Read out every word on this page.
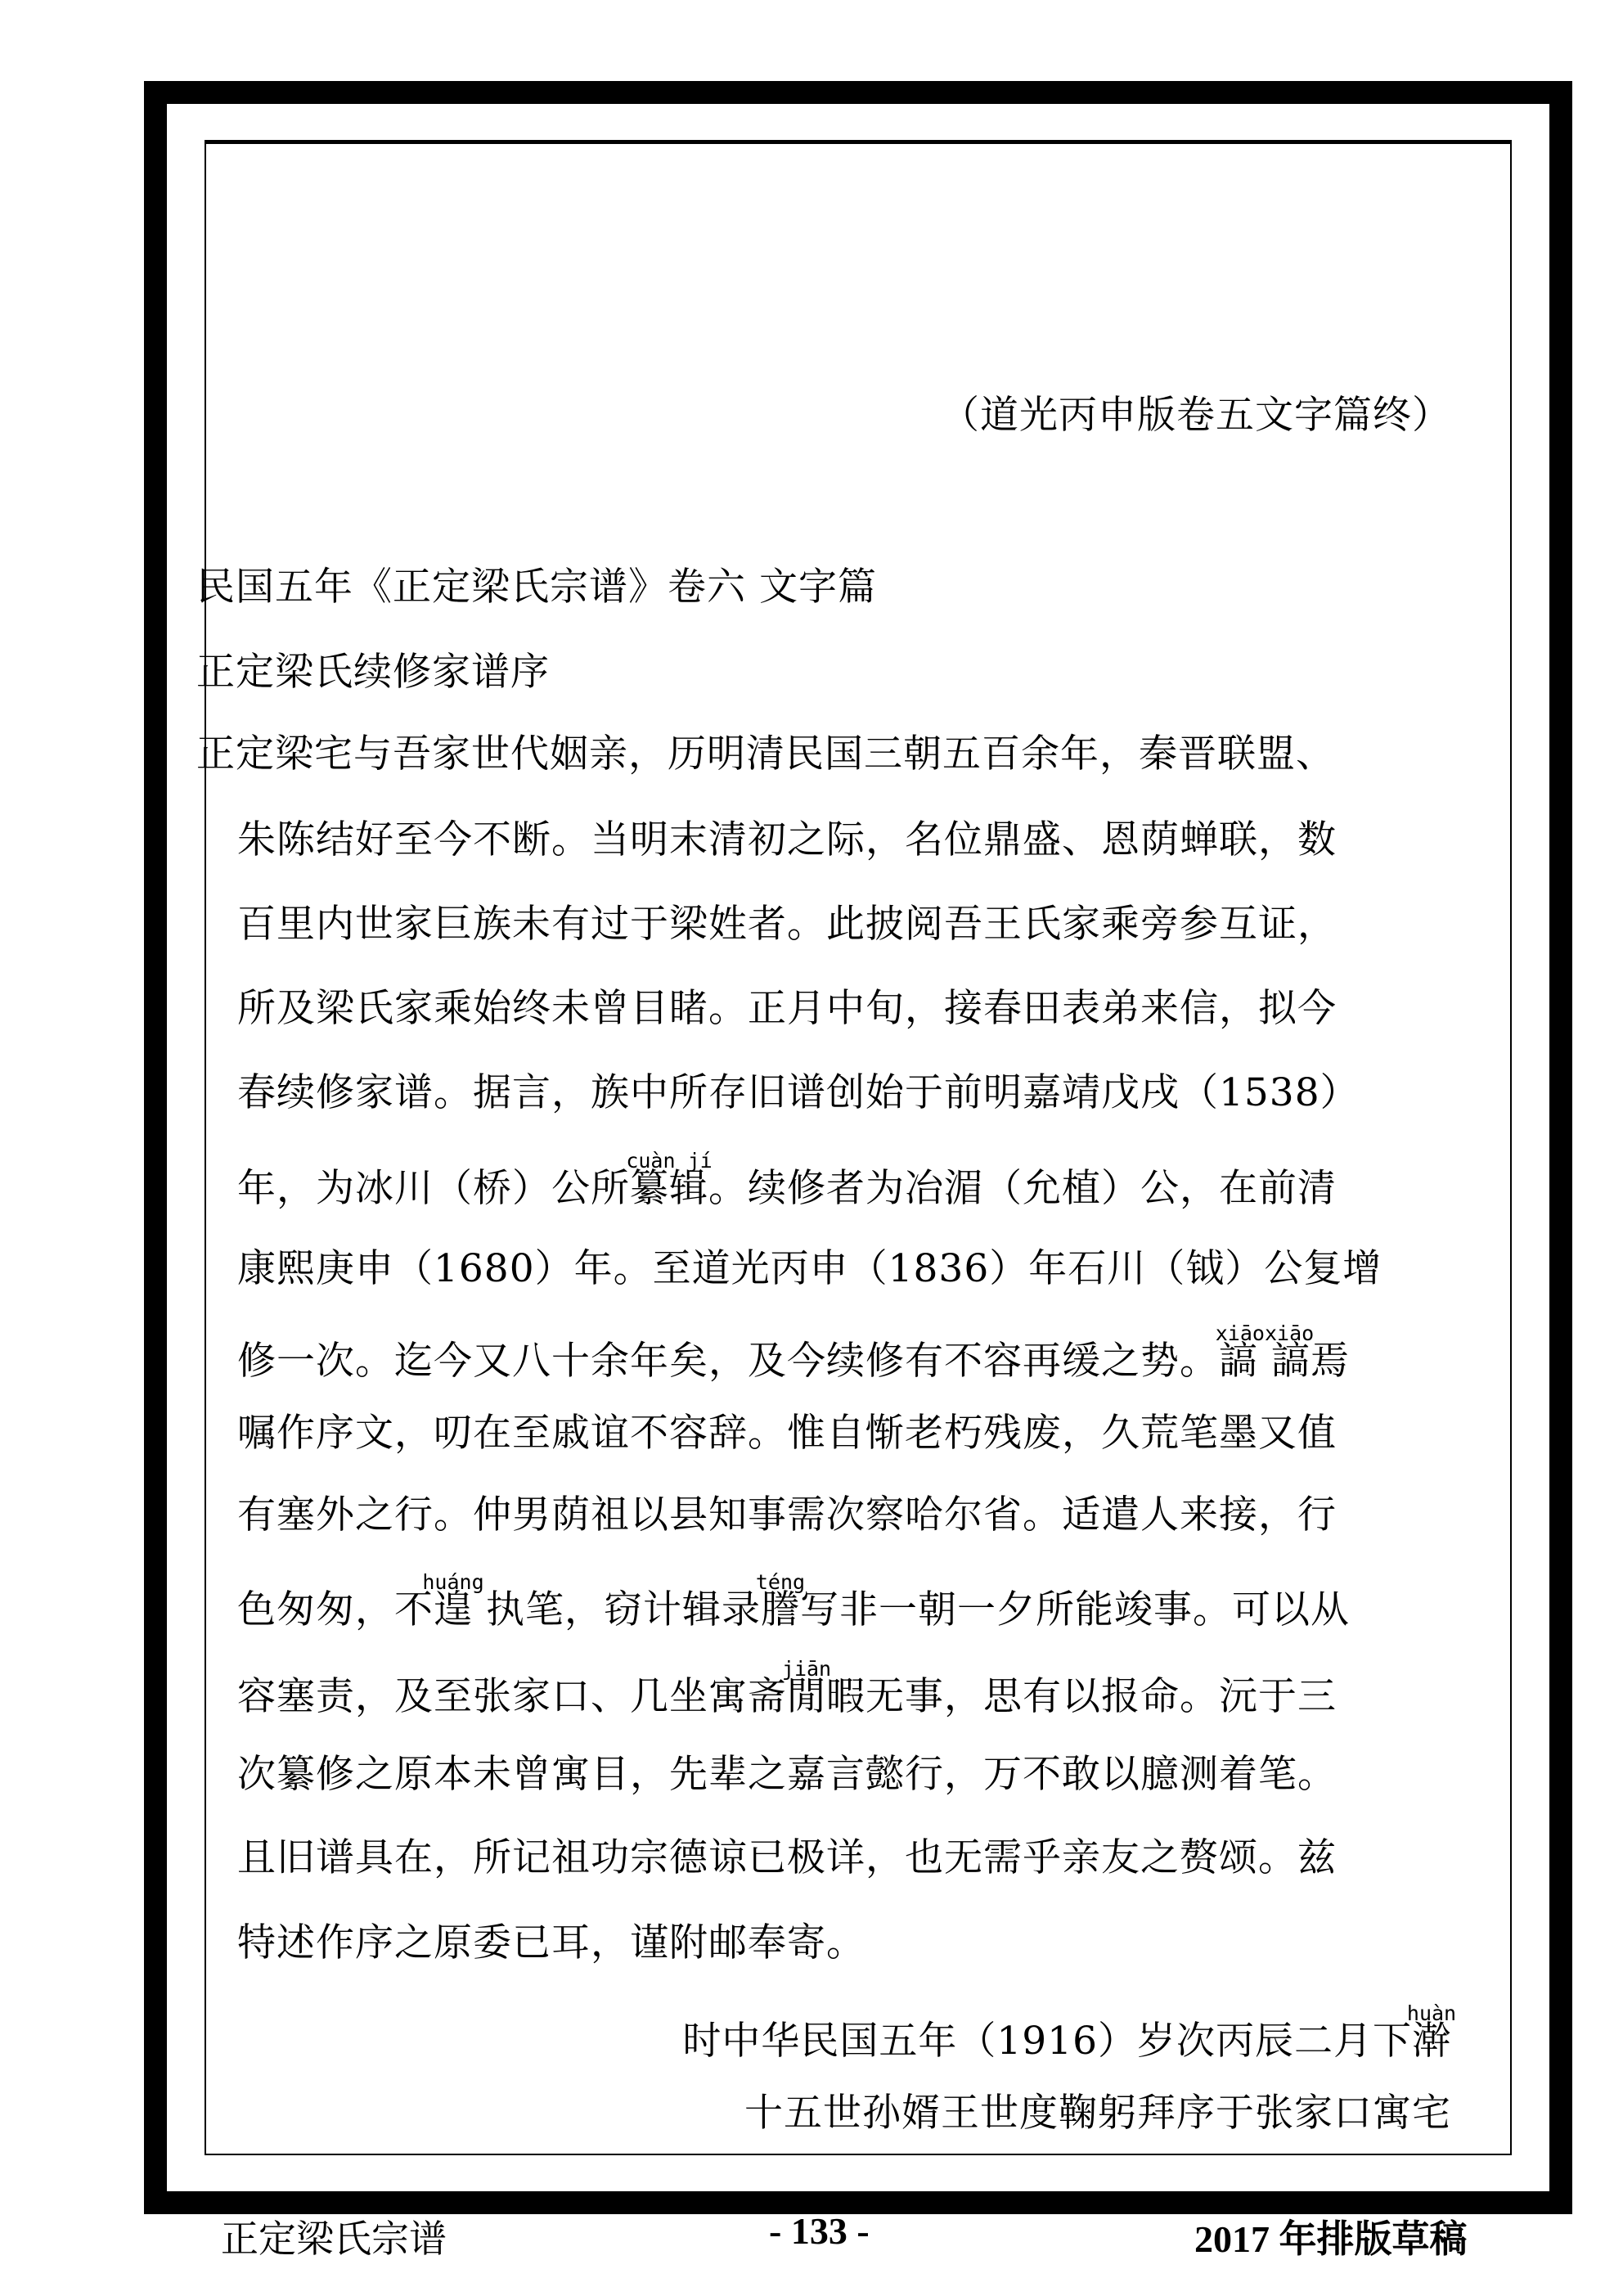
（道光丙申版卷五文字篇终）
民国五年《正定梁氏宗谱》卷六 文字篇
正定梁氏续修家谱序
正定梁宅与吾家世代姻亲，历明清民国三朝五百余年，秦晋联盟、
朱陈结好至今不断。当明末清初之际，名位鼎盛、恩荫蝉联，数
百里内世家巨族未有过于梁姓者。此披阅吾王氏家乘旁参互证，
所及梁氏家乘始终未曾目睹。正月中旬，接春田表弟来信，拟今
春续修家谱。据言，族中所存旧谱创始于前明嘉靖戊戌（1538）
年，为冰川（桥）公所
cuàn jí
纂辑。续修者为冶湄（允植）公，在前清
康熙庚申（1680）年。至道光丙申（1836）年石川（钺）公复增
修一次。迄今又八十余年矣，及今续修有不容再缓之势。
xiāoxiāo
謞 謞焉
嘱作序文，叨在至戚谊不容辞。惟自惭老朽残废，久荒笔墨又值
有塞外之行。仲男荫祖以县知事需次察哈尔省。适遣人来接，行
色匆匆，不
huáng
遑 执笔，窃计辑录
téng
謄写非一朝一夕所能竣事。可以从
容塞责，及至张家口、几坐寓斋
jiān
閒暇无事，思有以报命。沅于三
次纂修之原本未曾寓目，先辈之嘉言懿行，万不敢以臆测着笔。
且旧谱具在，所记祖功宗德谅已极详，也无需乎亲友之赘颂。兹
特述作序之原委已耳，谨附邮奉寄。
时中华民国五年（1916）岁次丙辰二月下
huàn
澣
十五世孙婿王世度鞠躬拜序于张家口寓宅
正定梁氏宗谱	- 133 -	2017 年排版草稿
